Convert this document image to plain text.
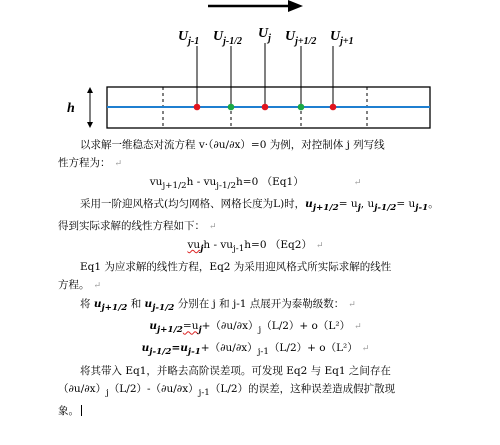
$U_{j-1}$ $U_{j-1/2}$
$U_j$ $U_{j+1/2}$ $U_{j+1}$
h

以求解一维稳态对流方程 v·（∂u/∂x）=0 为例，对控制体 j 列写线

性方程为： ↵

$vu_{j+1/2}h - vu_{j-1/2}h=0$ （Eq1）	↵

采用一阶迎风格式(均匀网格、网格长度为L)时，$u_{j+1/2}= u_j$, $u_{j-1/2}= u_{j-1}$。

得到实际求解的线性方程如下： ↵

$vu_jh - vu_{j-1}h=0$ （Eq2） ↵

Eq1 为应求解的线性方程，Eq2 为采用迎风格式所实际求解的线性

方程。 ↵

将 $u_{j+1/2}$ 和 $u_{j-1/2}$ 分别在 j 和 j-1 点展开为泰勒级数： ↵

$u_{j+1/2}=u_j+(\partial u/\partial x)_j(L/2)+ o(L^2)$ ↵

$u_{j-1/2}=u_{j-1}+(\partial u/\partial x)_{j-1}(L/2)+ o(L^2)$ ↵

将其带入 Eq1，并略去高阶误差项。可发现 Eq2 与 Eq1 之间存在

$(\partial u/\partial x)_j(L/2)-(\partial u/\partial x)_{j-1}(L/2)$的误差，这种误差造成假扩散现

象。
